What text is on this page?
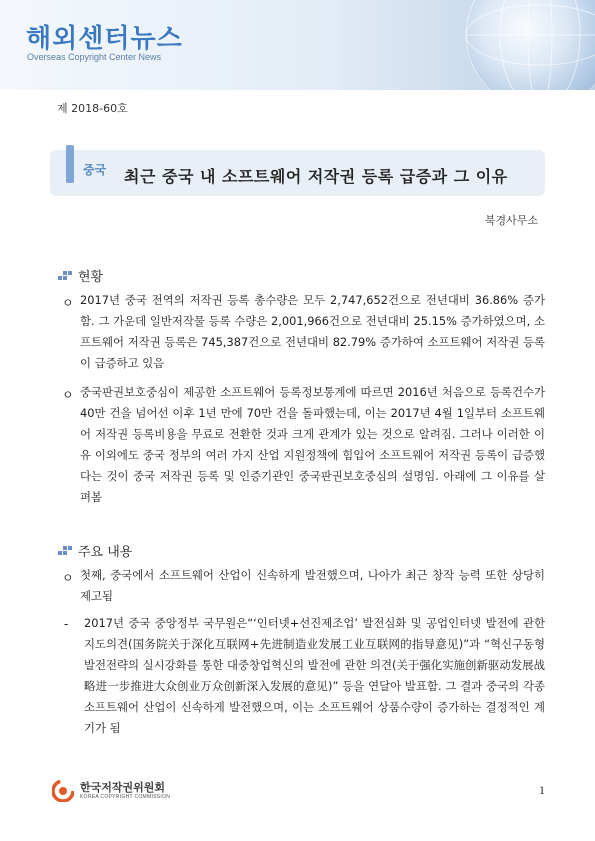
해외센터뉴스
Overseas Copyright Center News
제 2018-60호
중국 최근 중국 내 소프트웨어 저작권 등록 급증과 그 이유
북경사무소
현황
ㅇ 2017년 중국 전역의 저작권 등록 총수량은 모두 2,747,652건으로 전년대비 36.86% 증가함. 그 가운데 일반저작물 등록 수량은 2,001,966건으로 전년대비 25.15% 증가하였으며, 소프트웨어 저작권 등록은 745,387건으로 전년대비 82.79% 증가하여 소프트웨어 저작권 등록이 급증하고 있음
ㅇ 중국판권보호중심이 제공한 소프트웨어 등록정보통계에 따르면 2016년 처음으로 등록건수가 40만 건을 넘어선 이후 1년 만에 70만 건을 돌파했는데, 이는 2017년 4월 1일부터 소프트웨어 저작권 등록비용을 무료로 전환한 것과 크게 관계가 있는 것으로 알려짐. 그러나 이러한 이유 이외에도 중국 정부의 여러 가지 산업 지원정책에 힘입어 소프트웨어 저작권 등록이 급증했다는 것이 중국 저작권 등록 및 인증기관인 중국판권보호중심의 설명임. 아래에 그 이유를 살펴봄
주요 내용
ㅇ 첫째, 중국에서 소프트웨어 산업이 신속하게 발전했으며, 나아가 최근 창작 능력 또한 상당히 제고됨
- 2017년 중국 중앙정부 국무원은“‘인터넷+선진제조업’ 발전심화 및 공업인터넷 발전에 관한 지도의견(国务院关于深化互联网+先进制造业发展工业互联网的指导意见)”과 “혁신구동형발전전략의 실시강화를 통한 대중창업혁신의 발전에 관한 의견(关于强化实施创新驱动发展战略进一步推进大众创业万众创新深入发展的意见)” 등을 연달아 발표함. 그 결과 중국의 각종 소프트웨어 산업이 신속하게 발전했으며, 이는 소프트웨어 상품수량이 증가하는 결정적인 계기가 됨
한국저작권위원회
KOREA COPYRIGHT COMMISSION	1
